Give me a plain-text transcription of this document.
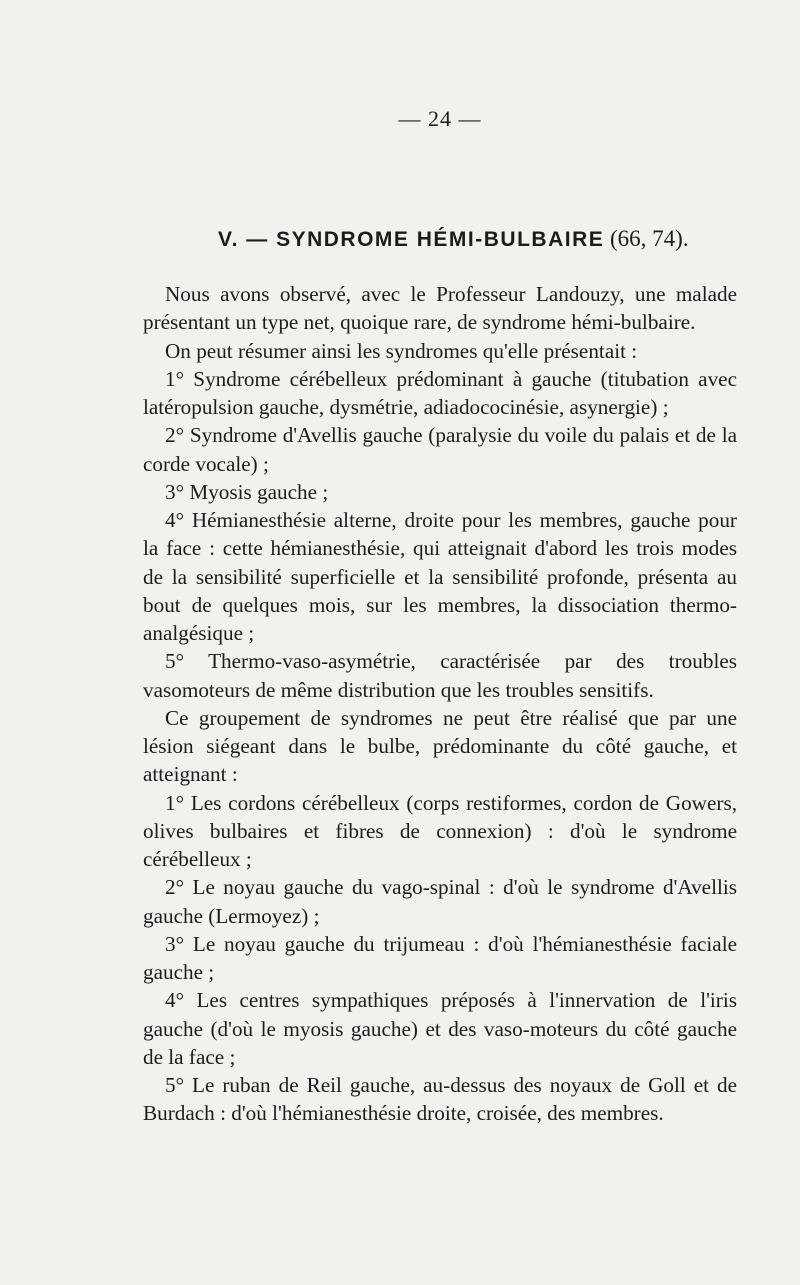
— 24 —
V. — SYNDROME HÉMI-BULBAIRE (66, 74).

Nous avons observé, avec le Professeur Landouzy, une malade présentant un type net, quoique rare, de syndrome hémi-bulbaire.

On peut résumer ainsi les syndromes qu'elle présentait :

1° Syndrome cérébelleux prédominant à gauche (titubation avec latéropulsion gauche, dysmétrie, adiadococinésie, asynergie) ;

2° Syndrome d'Avellis gauche (paralysie du voile du palais et de la corde vocale) ;

3° Myosis gauche ;

4° Hémianesthésie alterne, droite pour les membres, gauche pour la face : cette hémianesthésie, qui atteignait d'abord les trois modes de la sensibilité superficielle et la sensibilité profonde, présenta au bout de quelques mois, sur les membres, la dissociation thermo-analgésique ;

5° Thermo-vaso-asymétrie, caractérisée par des troubles vasomoteurs de même distribution que les troubles sensitifs.

Ce groupement de syndromes ne peut être réalisé que par une lésion siégeant dans le bulbe, prédominante du côté gauche, et atteignant :

1° Les cordons cérébelleux (corps restiformes, cordon de Gowers, olives bulbaires et fibres de connexion) : d'où le syndrome cérébelleux ;

2° Le noyau gauche du vago-spinal : d'où le syndrome d'Avellis gauche (Lermoyez) ;

3° Le noyau gauche du trijumeau : d'où l'hémianesthésie faciale gauche ;

4° Les centres sympathiques préposés à l'innervation de l'iris gauche (d'où le myosis gauche) et des vaso-moteurs du côté gauche de la face ;

5° Le ruban de Reil gauche, au-dessus des noyaux de Goll et de Burdach : d'où l'hémianesthésie droite, croisée, des membres.
